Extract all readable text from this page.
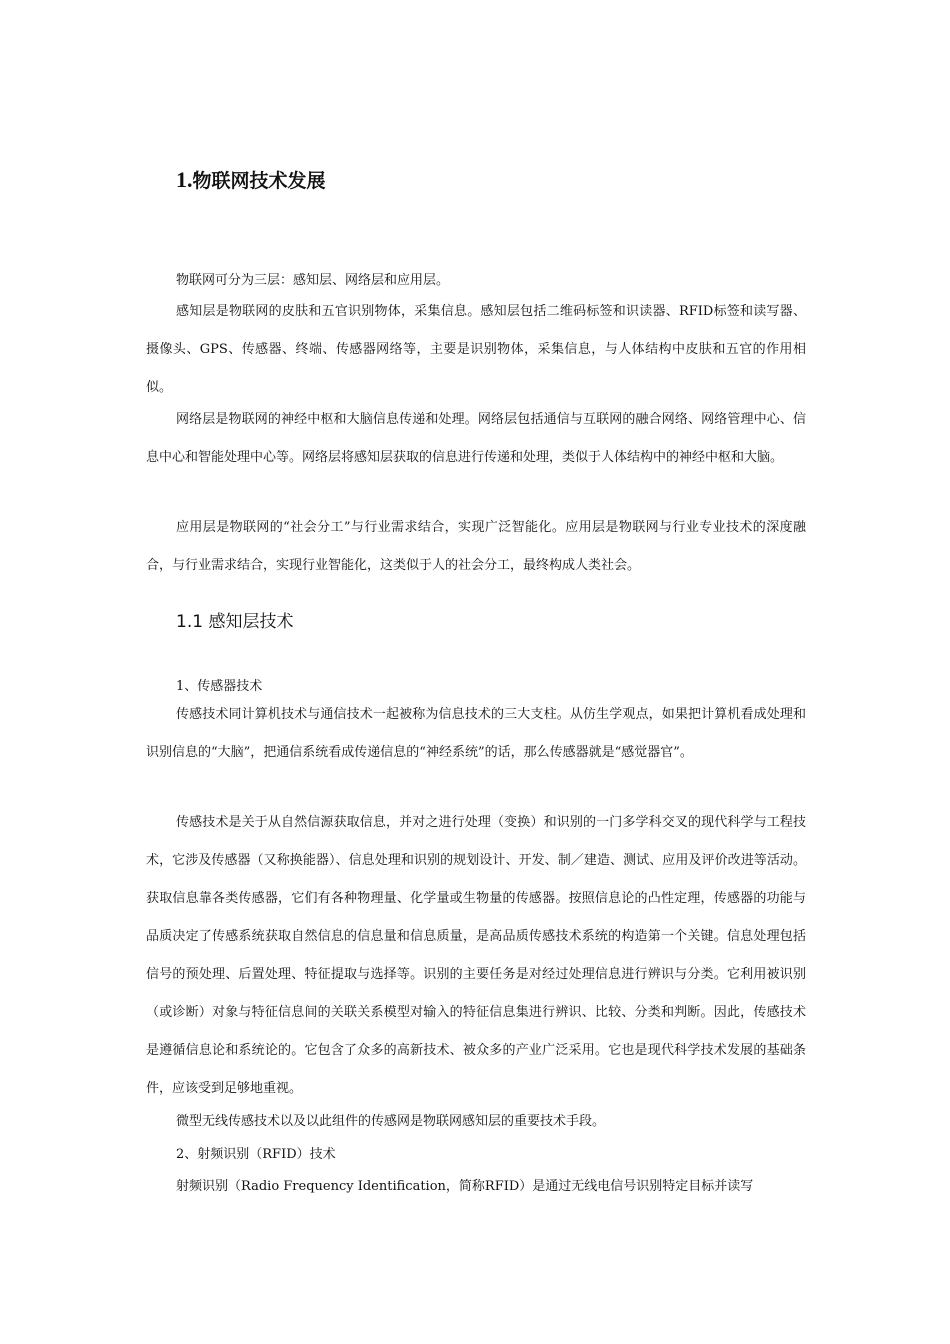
1.物联网技术发展
物联网可分为三层：感知层、网络层和应用层。

感知层是物联网的皮肤和五官识别物体，采集信息。感知层包括二维码标签和识读器、RFID标签和读写器、摄像头、GPS、传感器、终端、传感器网络等，主要是识别物体，采集信息，与人体结构中皮肤和五官的作用相似。

网络层是物联网的神经中枢和大脑信息传递和处理。网络层包括通信与互联网的融合网络、网络管理中心、信息中心和智能处理中心等。网络层将感知层获取的信息进行传递和处理，类似于人体结构中的神经中枢和大脑。

应用层是物联网的“社会分工”与行业需求结合，实现广泛智能化。应用层是物联网与行业专业技术的深度融合，与行业需求结合，实现行业智能化，这类似于人的社会分工，最终构成人类社会。

1.1 感知层技术
1、传感器技术

传感技术同计算机技术与通信技术一起被称为信息技术的三大支柱。从仿生学观点，如果把计算机看成处理和识别信息的“大脑”，把通信系统看成传递信息的“神经系统”的话，那么传感器就是“感觉器官”。

传感技术是关于从自然信源获取信息，并对之进行处理（变换）和识别的一门多学科交叉的现代科学与工程技术，它涉及传感器（又称换能器）、信息处理和识别的规划设计、开发、制／建造、测试、应用及评价改进等活动。获取信息靠各类传感器，它们有各种物理量、化学量或生物量的传感器。按照信息论的凸性定理，传感器的功能与品质决定了传感系统获取自然信息的信息量和信息质量，是高品质传感技术系统的构造第一个关键。信息处理包括信号的预处理、后置处理、特征提取与选择等。识别的主要任务是对经过处理信息进行辨识与分类。它利用被识别（或诊断）对象与特征信息间的关联关系模型对输入的特征信息集进行辨识、比较、分类和判断。因此，传感技术是遵循信息论和系统论的。它包含了众多的高新技术、被众多的产业广泛采用。它也是现代科学技术发展的基础条件，应该受到足够地重视。

微型无线传感技术以及以此组件的传感网是物联网感知层的重要技术手段。
2、射频识别（RFID）技术
射频识别（Radio Frequency Identification，简称RFID）是通过无线电信号识别特定目标并读写
